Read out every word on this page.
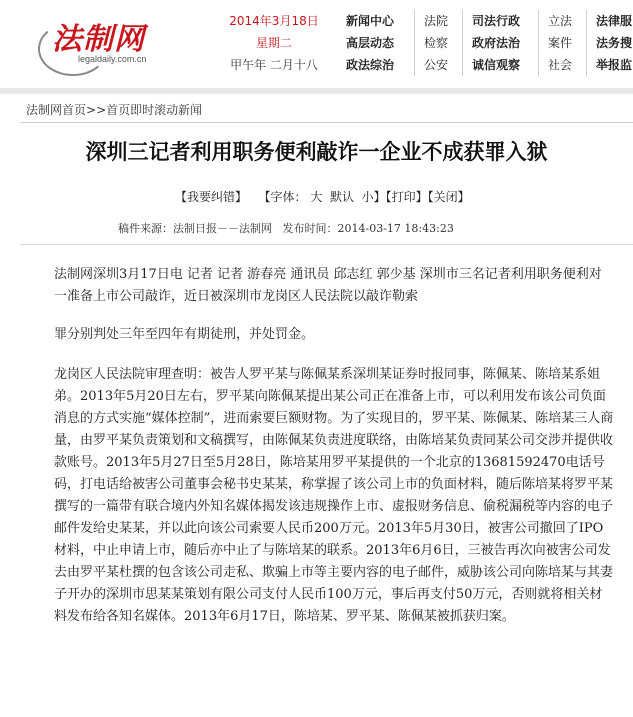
法制网
legaldaily.com.cn
2014年3月18日
星期二
甲午年 二月十八
新闻中心
高层动态
政法综治
法院
检察
公安
司法行政
政府法治
诚信观察
立法
案件
社会
法律服
法务搜
举报监
法制网首页>>首页即时滚动新闻
深圳三记者利用职务便利敲诈一企业不成获罪入狱
【我要纠错】 【字体： 大 默认 小】【打印】【关闭】
稿件来源：法制日报－－法制网 发布时间：2014-03-17 18:43:23

法制网深圳3月17日电 记者 记者 游春亮 通讯员 邱志红 郭少基 深圳市三名记者利用职务便利对一准备上市公司敲诈，近日被深圳市龙岗区人民法院以敲诈勒索

罪分别判处三年至四年有期徒刑，并处罚金。

龙岗区人民法院审理查明：被告人罗平某与陈佩某系深圳某证券时报同事，陈佩某、陈培某系姐弟。2013年5月20日左右，罗平某向陈佩某提出某公司正在准备上市，可以利用发布该公司负面消息的方式实施“媒体控制”，进而索要巨额财物。为了实现目的，罗平某、陈佩某、陈培某三人商量，由罗平某负责策划和文稿撰写，由陈佩某负责进度联络，由陈培某负责同某公司交涉并提供收款账号。2013年5月27日至5月28日，陈培某用罗平某提供的一个北京的13681592470电话号码，打电话给被害公司董事会秘书史某某，称掌握了该公司上市的负面材料，随后陈培某将罗平某撰写的一篇带有联合境内外知名媒体揭发该违规操作上市、虚报财务信息、偷税漏税等内容的电子邮件发给史某某，并以此向该公司索要人民币200万元。2013年5月30日，被害公司撤回了IPO材料，中止申请上市，随后亦中止了与陈培某的联系。2013年6月6日，三被告再次向被害公司发去由罗平某杜撰的包含该公司走私、欺骗上市等主要内容的电子邮件，威胁该公司向陈培某与其妻子开办的深圳市思某某策划有限公司支付人民币100万元，事后再支付50万元，否则就将相关材料发布给各知名媒体。2013年6月17日，陈培某、罗平某、陈佩某被抓获归案。
